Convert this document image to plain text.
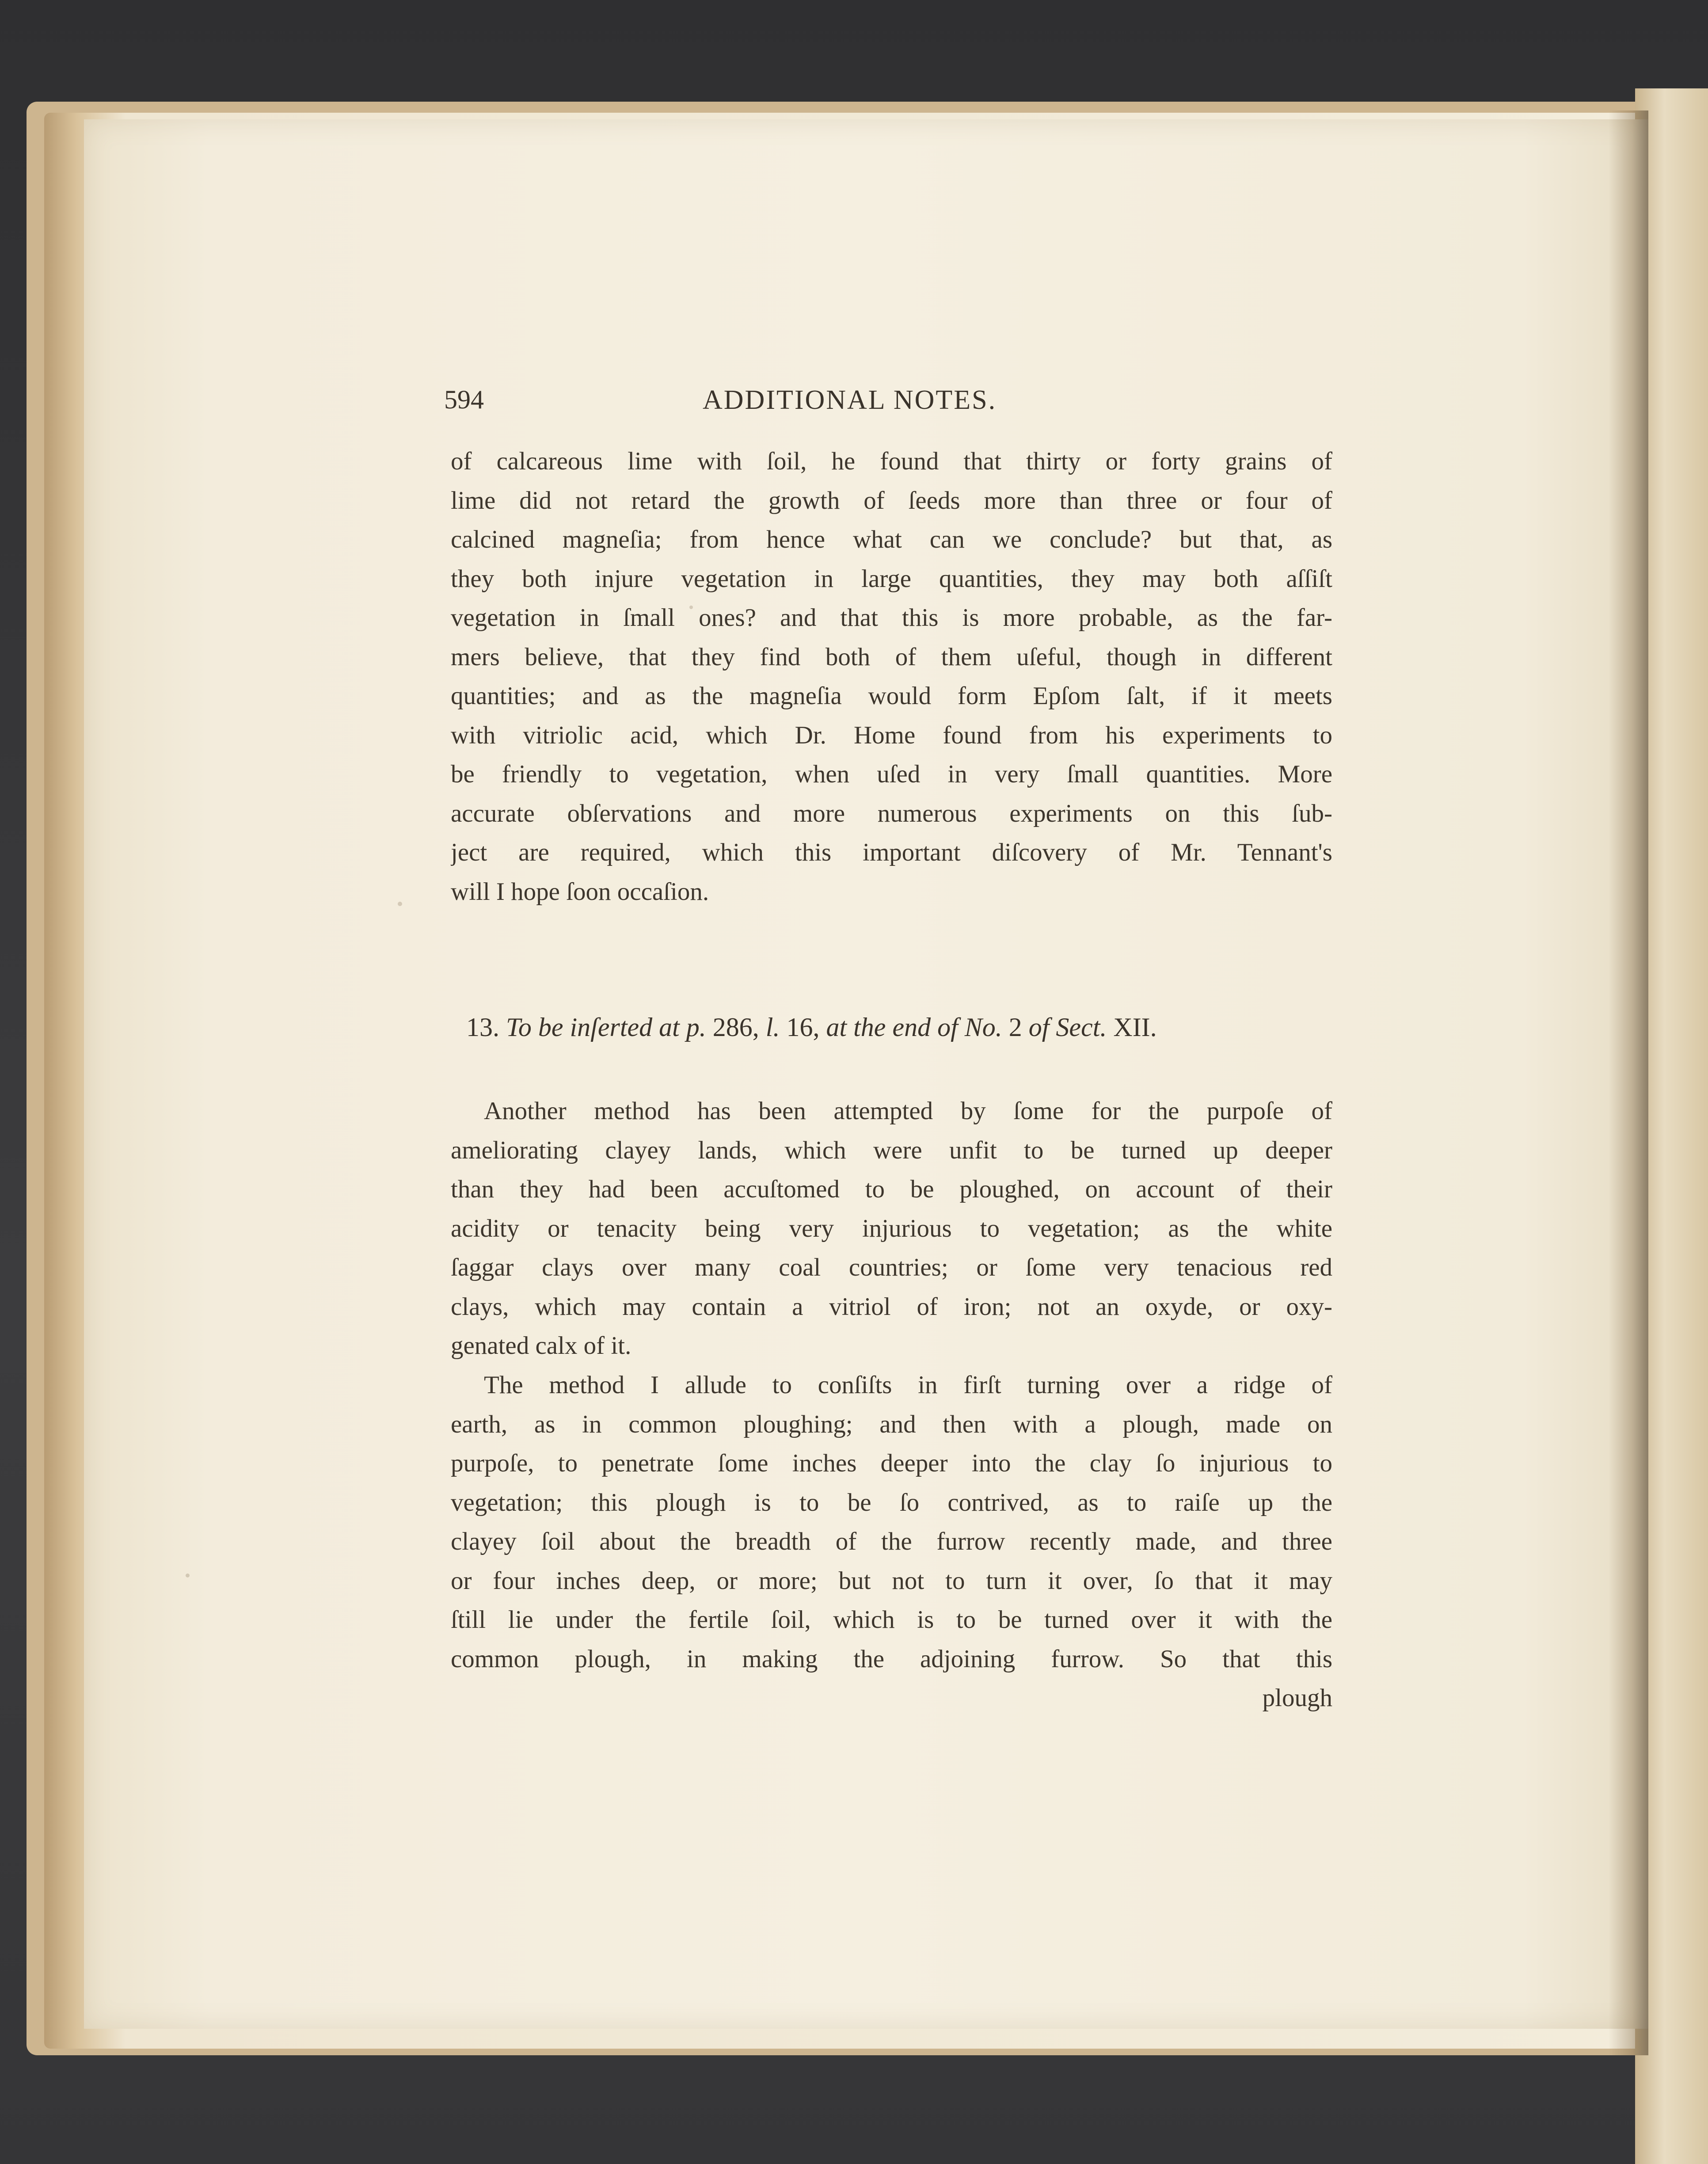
594	ADDITIONAL NOTES.
of calcareous lime with ſoil, he found that thirty or forty grains of
lime did not retard the growth of ſeeds more than three or four of
calcined magneſia; from hence what can we conclude? but that, as
they both injure vegetation in large quantities, they may both aſſiſt
vegetation in ſmall ones? and that this is more probable, as the far-
mers believe, that they find both of them uſeful, though in different
quantities; and as the magneſia would form Epſom ſalt, if it meets
with vitriolic acid, which Dr. Home found from his experiments to
be friendly to vegetation, when uſed in very ſmall quantities. More
accurate obſervations and more numerous experiments on this ſub-
ject are required, which this important diſcovery of Mr. Tennant's
will I hope ſoon occaſion.
13. To be inſerted at p. 286, l. 16, at the end of No. 2 of Sect. XII.
Another method has been attempted by ſome for the purpoſe of
ameliorating clayey lands, which were unfit to be turned up deeper
than they had been accuſtomed to be ploughed, on account of their
acidity or tenacity being very injurious to vegetation; as the white
ſaggar clays over many coal countries; or ſome very tenacious red
clays, which may contain a vitriol of iron; not an oxyde, or oxy-
genated calx of it.
The method I allude to conſiſts in firſt turning over a ridge of
earth, as in common ploughing; and then with a plough, made on
purpoſe, to penetrate ſome inches deeper into the clay ſo injurious to
vegetation; this plough is to be ſo contrived, as to raiſe up the
clayey ſoil about the breadth of the furrow recently made, and three
or four inches deep, or more; but not to turn it over, ſo that it may
ſtill lie under the fertile ſoil, which is to be turned over it with the
common plough, in making the adjoining furrow. So that this
plough
